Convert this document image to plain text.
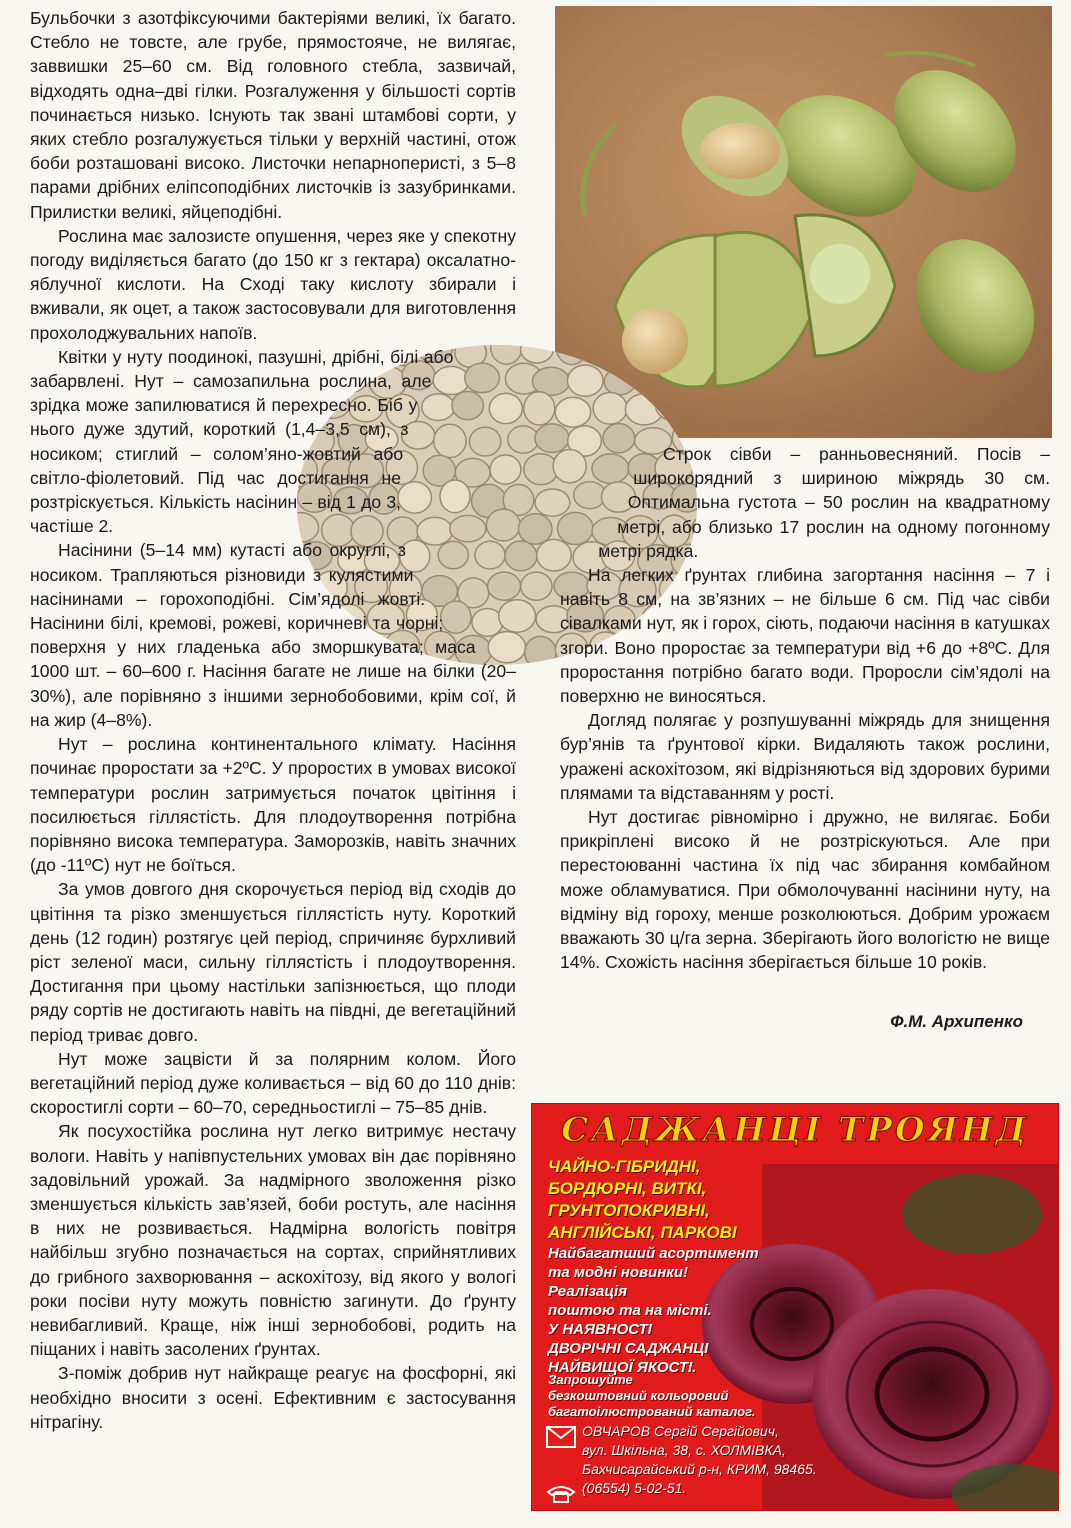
Бульбочки з азотфіксуючими бактеріями великі, їх багато. Стебло не товсте, але грубе, прямостояче, не вилягає, заввишки 25–60 см. Від головного стебла, зазвичай, відходять одна–дві гілки. Розгалуження у більшості сортів починається низько. Існують так звані штамбові сорти, у яких стебло розгалужується тільки у верхній частині, отож боби розташовані високо. Листочки непарноперисті, з 5–8 парами дрібних еліпсоподібних листочків із зазубринками. Прилистки великі, яйцеподібні.

Рослина має залозисте опушення, через яке у спекотну погоду виділяється багато (до 150 кг з гектара) оксалатно-яблучної кислоти. На Сході таку кислоту збирали і вживали, як оцет, а також застосовували для виготовлення прохолоджувальних напоїв.

Квітки у нуту поодинокі, пазушні, дрібні, білі або забарвлені. Нут – самозапильна рослина, але зрідка може запилюватися й перехресно. Біб у нього дуже здутий, короткий (1,4–3,5 см), з носиком; стиглий – солом’яно-жовтий або світло-фіолетовий. Під час достигання не розтріскується. Кількість насінин – від 1 до 3, частіше 2.

Насінини (5–14 мм) кутасті або округлі, з носиком. Трапляються різновиди з кулястими насінинами – горохоподібні. Сім’ядолі жовті. Насінини білі, кремові, рожеві, коричневі та чорні; поверхня у них гладенька або зморшкувата; маса 1000 шт. – 60–600 г. Насіння багате не лише на білки (20–30%), але порівняно з іншими зернобобовими, крім сої, й на жир (4–8%).

Нут – рослина континентального клімату. Насіння починає проростати за +2ºC. У проростих в умовах високої температури рослин затримується початок цвітіння і посилюється гіллястість. Для плодоутворення потрібна порівняно висока температура. Заморозків, навіть значних (до -11ºC) нут не боїться.

За умов довгого дня скорочується період від сходів до цвітіння та різко зменшується гіллястість нуту. Короткий день (12 годин) розтягує цей період, спричиняє бурхливий ріст зеленої маси, сильну гіллястість і плодоутворення. Достигання при цьому настільки запізнюється, що плоди ряду сортів не достигають навіть на півдні, де вегетаційний період триває довго.

Нут може зацвісти й за полярним колом. Його вегетаційний період дуже коливається – від 60 до 110 днів: скоростиглі сорти – 60–70, середньостиглі – 75–85 днів.

Як посухостійка рослина нут легко витримує нестачу вологи. Навіть у напівпустельних умовах він дає порівняно задовільний урожай. За надмірного зволоження різко зменшується кількість зав’язей, боби ростуть, але насіння в них не розвивається. Надмірна вологість повітря найбільш згубно позначається на сортах, сприйнятливих до грибного захворювання – аскохітозу, від якого у вологі роки посіви нуту можуть повністю загинути. До ґрунту невибагливий. Краще, ніж інші зернобобові, родить на піщаних і навіть засолених ґрунтах.

З-поміж добрив нут найкраще реагує на фосфорні, які необхідно вносити з осені. Ефективним є застосування нітрагіну.

Строк сівби – ранньовесняний. Посів – широкорядний з шириною міжрядь 30 см. Оптимальна густота – 50 рослин на квадратному метрі, або близько 17 рослин на одному погонному метрі рядка.

На легких ґрунтах глибина загортання насіння – 7 і навіть 8 см, на зв’язних – не більше 6 см. Під час сівби сівалками нут, як і горох, сіють, подаючи насіння в катушках згори. Воно проростає за температури від +6 до +8ºC. Для проростання потрібно багато води. Проросли сім’ядолі на поверхню не виносяться.

Догляд полягає у розпушуванні міжрядь для знищення бур’янів та ґрунтової кірки. Видаляють також рослини, уражені аскохітозом, які відрізняються від здорових бурими плямами та відставанням у рості.

Нут достигає рівномірно і дружно, не вилягає. Боби прикріплені високо й не розтріскуються. Але при перестоюванні частина їх під час збирання комбайном може обламуватися. При обмолочуванні насінини нуту, на відміну від гороху, менше розколюються. Добрим урожаєм вважають 30 ц/га зерна. Зберігають його вологістю не вище 14%. Схожість насіння зберігається більше 10 років.

Ф.М. Архипенко
САДЖАНЦІ ТРОЯНД
ЧАЙНО-ГІБРИДНІ,
БОРДЮРНІ, ВИТКІ,
ГРУНТОПОКРИВНІ,
АНГЛІЙСЬКІ, ПАРКОВІ
Найбагатший асортимент
та модні новинки!
Реалізація
поштою та на місті.
У НАЯВНОСТІ
ДВОРІЧНІ САДЖАНЦІ
НАЙВИЩОЇ ЯКОСТІ.
Запрошуйте
безкоштовний кольоровий
багатоілюстрований каталог.
ОВЧАРОВ Сергій Сергійович,
вул. Шкільна, 38, с. ХОЛМІВКА,
Бахчисарайський р-н, КРИМ, 98465.
(06554) 5-02-51.
